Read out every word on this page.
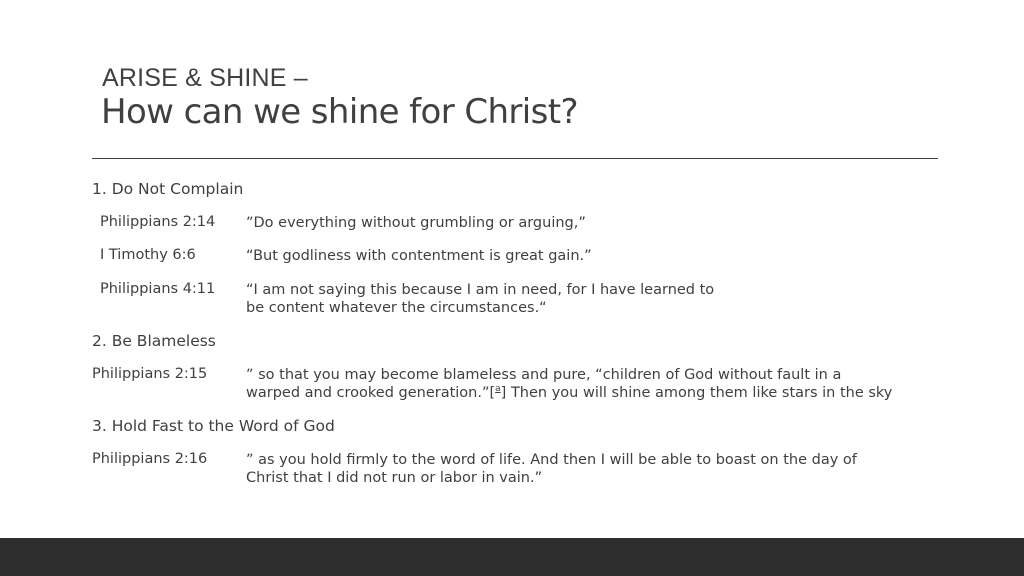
ARISE & SHINE –
How can we shine for Christ?
1. Do Not Complain
Philippians 2:14 ˮDo everything without grumbling or arguing,”
I Timothy 6:6	“But godliness with contentment is great gain.”
Philippians 4:11 “I am not saying this because I am in need, for I have learned to
be content whatever the circumstances.“
2. Be Blameless
Philippians 2:15	ˮ so that you may become blameless and pure, “children of God without fault in a
warped and crooked generation.”[$^a$] Then you will shine among them like stars in the sky
3. Hold Fast to the Word of God
Philippians 2:16	ˮ as you hold firmly to the word of life. And then I will be able to boast on the day of
Christ that I did not run or labor in vain.”
